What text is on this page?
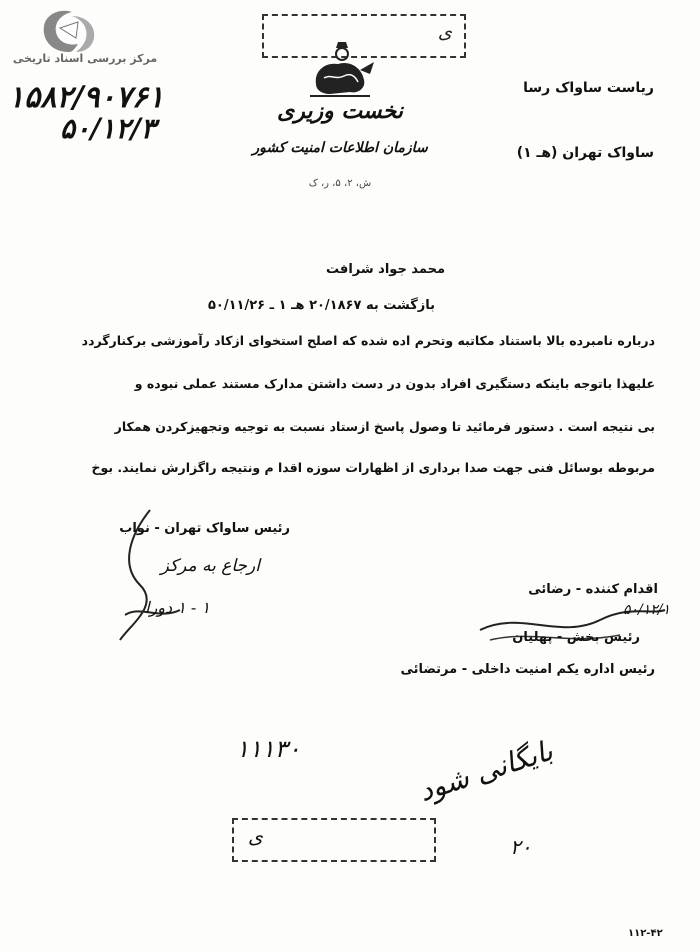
مرکز بررسی اسناد تاریخی
ی
نخست وزیری
سازمان اطلاعات امنیت کشور
ش، ۲، ۵، ر، ک
۱۵۸۲/۹۰۷۶۱
۵۰/۱۲/۳
ریاست ساواک رسا
ساواک تهران (هـ ۱)
محمد جواد شرافت
بازگشت به ۲۰/۱۸۶۷ هـ ۱ ـ ۵۰/۱۱/۲۶
درباره نامبرده بالا باستناد مکاتبه وتحرم اده شده که اصلح استخوای ازکاد رآموزشی برکنارگردد
علیهذا باتوجه باینکه دستگیری افراد بدون در دست داشتن مدارک مستند عملی نبوده و
بی نتیجه است . دستور فرمائید تا وصول پاسخ ازستاد نسبت به توجیه وتجهیزکردن همکار
مربوطه بوسائل فنی جهت صدا برداری از اظهارات سوزه اقدا م ونتیجه راگزارش نمایند. بوخ
رئیس ساواک تهران - نواب
ارجاع به مرکز
۱ - ۱ دورا
اقدام کننده - رضائی
۵۰/۱۲/۱
رئیس بخش - پهلیان
رئیس اداره یکم امنیت داخلی - مرتضائی
۱۱۱۳۰
ی
بایگانی شود
۲۰
۱۱۲-۴۲
